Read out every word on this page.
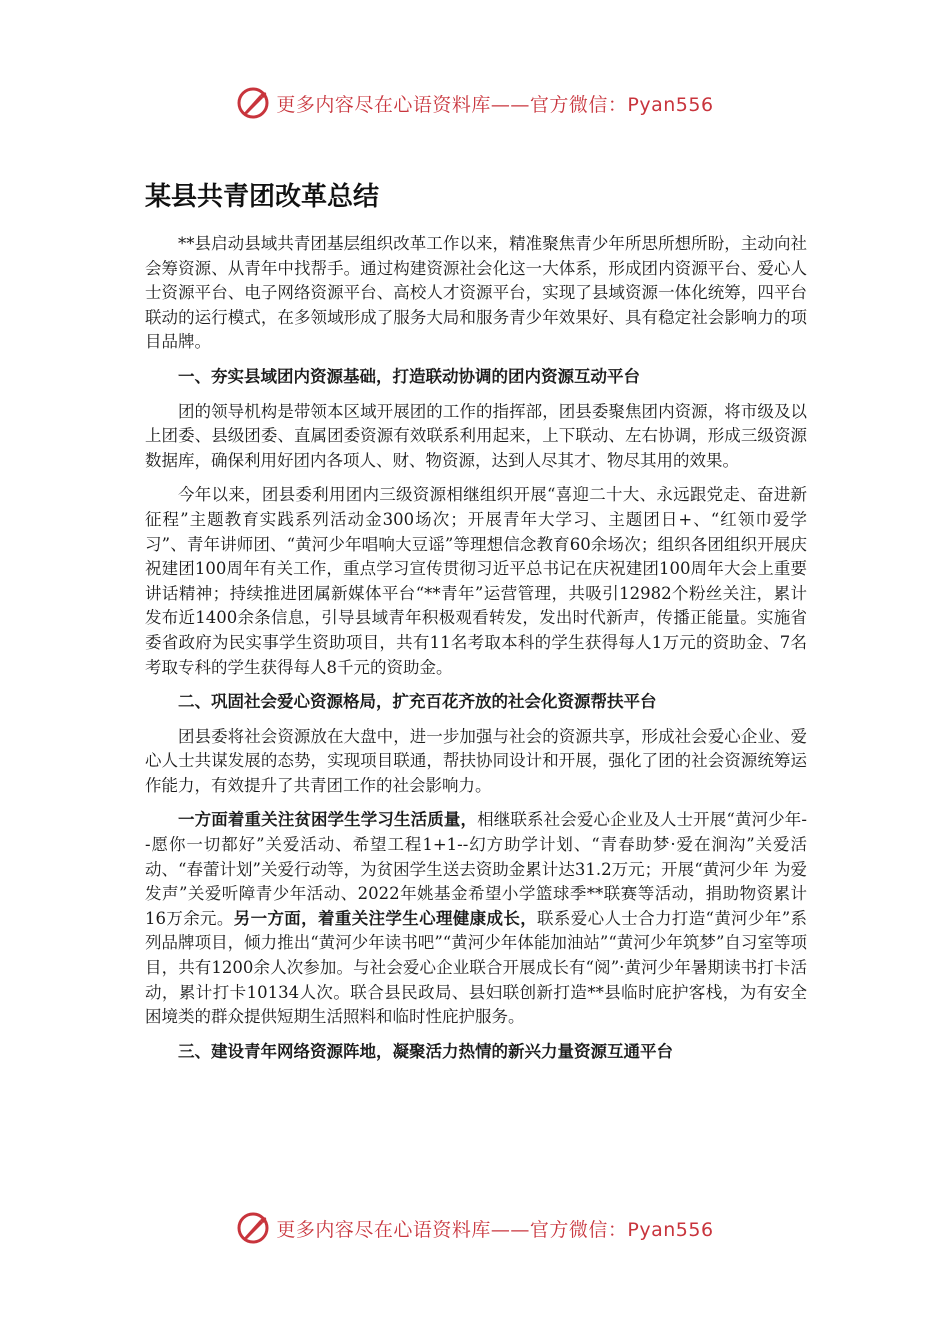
更多内容尽在心语资料库——官方微信：Pyan556
某县共青团改革总结

**县启动县域共青团基层组织改革工作以来，精准聚焦青少年所思所想所盼，主动向社会筹资源、从青年中找帮手。通过构建资源社会化这一大体系，形成团内资源平台、爱心人士资源平台、电子网络资源平台、高校人才资源平台，实现了县域资源一体化统筹，四平台联动的运行模式，在多领域形成了服务大局和服务青少年效果好、具有稳定社会影响力的项目品牌。

一、夯实县域团内资源基础，打造联动协调的团内资源互动平台

团的领导机构是带领本区域开展团的工作的指挥部，团县委聚焦团内资源，将市级及以上团委、县级团委、直属团委资源有效联系利用起来，上下联动、左右协调，形成三级资源数据库，确保利用好团内各项人、财、物资源，达到人尽其才、物尽其用的效果。

今年以来，团县委利用团内三级资源相继组织开展“喜迎二十大、永远跟党走、奋进新征程”主题教育实践系列活动金300场次；开展青年大学习、主题团日+、“红领巾爱学习”、青年讲师团、“黄河少年唱响大豆谣”等理想信念教育60余场次；组织各团组织开展庆祝建团100周年有关工作，重点学习宣传贯彻习近平总书记在庆祝建团100周年大会上重要讲话精神；持续推进团属新媒体平台“**青年”运营管理，共吸引12982个粉丝关注，累计发布近1400余条信息，引导县域青年积极观看转发，发出时代新声，传播正能量。实施省委省政府为民实事学生资助项目，共有11名考取本科的学生获得每人1万元的资助金、7名考取专科的学生获得每人8千元的资助金。

二、巩固社会爱心资源格局，扩充百花齐放的社会化资源帮扶平台

团县委将社会资源放在大盘中，进一步加强与社会的资源共享，形成社会爱心企业、爱心人士共谋发展的态势，实现项目联通，帮扶协同设计和开展，强化了团的社会资源统筹运作能力，有效提升了共青团工作的社会影响力。

一方面着重关注贫困学生学习生活质量，相继联系社会爱心企业及人士开展“黄河少年--愿你一切都好”关爱活动、希望工程1+1--幻方助学计划、“青春助梦·爱在涧沟”关爱活动、“春蕾计划”关爱行动等，为贫困学生送去资助金累计达31.2万元；开展“黄河少年 为爱发声”关爱听障青少年活动、2022年姚基金希望小学篮球季**联赛等活动，捐助物资累计16万余元。另一方面，着重关注学生心理健康成长，联系爱心人士合力打造“黄河少年”系列品牌项目，倾力推出“黄河少年读书吧”“黄河少年体能加油站”“黄河少年筑梦”自习室等项目，共有1200余人次参加。与社会爱心企业联合开展成长有“阅”·黄河少年暑期读书打卡活动，累计打卡10134人次。联合县民政局、县妇联创新打造**县临时庇护客栈，为有安全困境类的群众提供短期生活照料和临时性庇护服务。

三、建设青年网络资源阵地，凝聚活力热情的新兴力量资源互通平台

更多内容尽在心语资料库——官方微信：Pyan556
